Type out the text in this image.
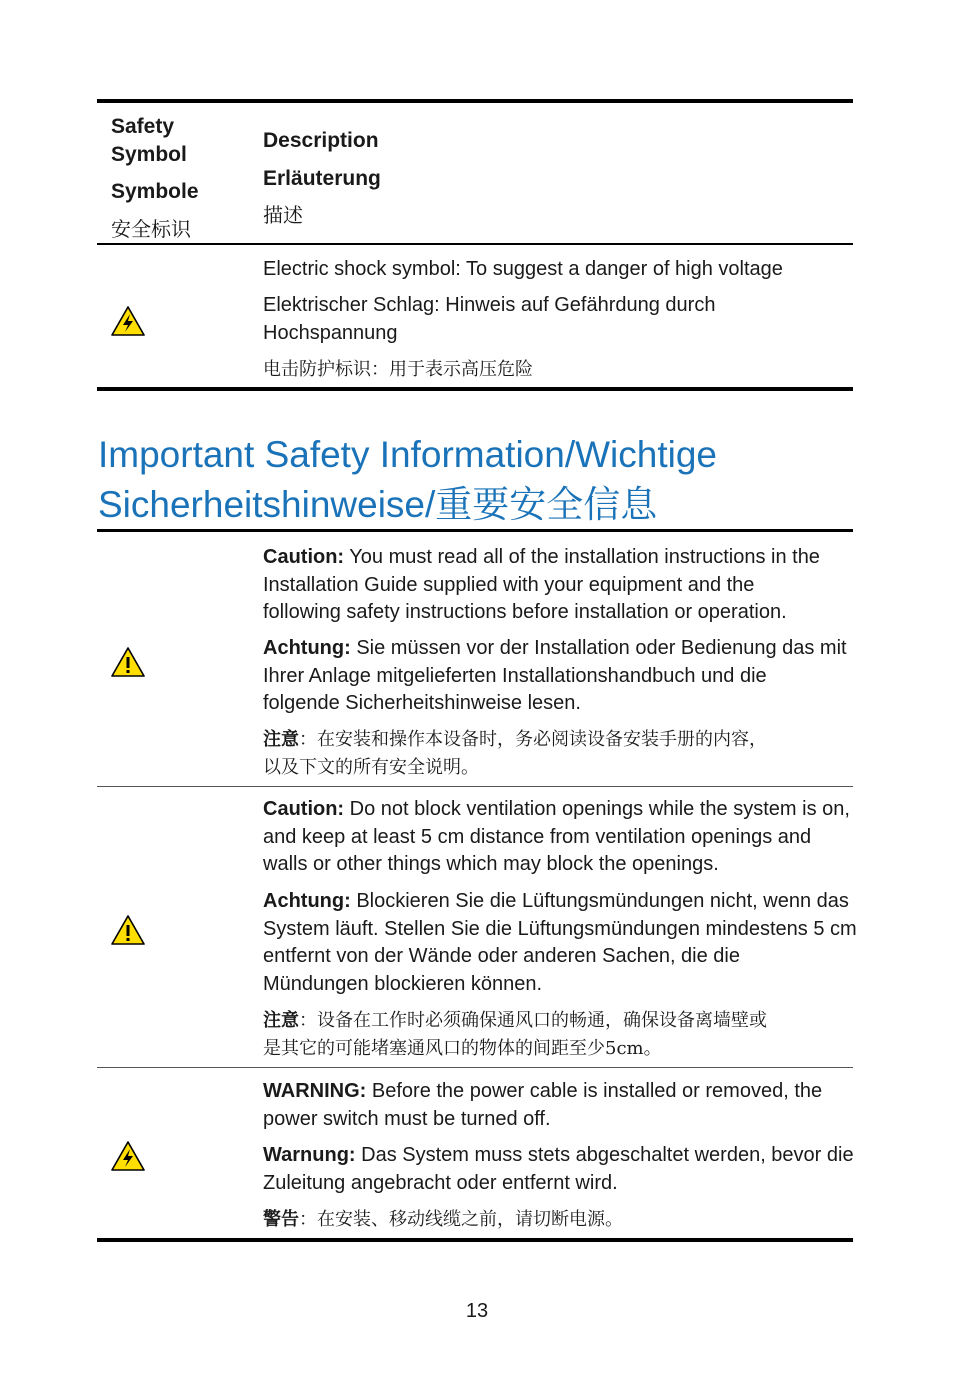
Safety
Symbol
Symbole
安全标识
Description
Erläuterung
描述
Electric shock symbol: To suggest a danger of high voltage
Elektrischer Schlag: Hinweis auf Gefährdung durch
Hochspannung
电击防护标识：用于表示高压危险
Important Safety Information/Wichtige
Sicherheitshinweise/重要安全信息
Caution: You must read all of the installation instructions in the
Installation Guide supplied with your equipment and the
following safety instructions before installation or operation.
Achtung: Sie müssen vor der Installation oder Bedienung das mit
Ihrer Anlage mitgelieferten Installationshandbuch und die
folgende Sicherheitshinweise lesen.
注意：在安装和操作本设备时，务必阅读设备安装手册的内容，
以及下文的所有安全说明。
Caution: Do not block ventilation openings while the system is on,
and keep at least 5 cm distance from ventilation openings and
walls or other things which may block the openings.
Achtung: Blockieren Sie die Lüftungsmündungen nicht, wenn das
System läuft. Stellen Sie die Lüftungsmündungen mindestens 5 cm
entfernt von der Wände oder anderen Sachen, die die
Mündungen blockieren können.
注意：设备在工作时必须确保通风口的畅通，确保设备离墙壁或
是其它的可能堵塞通风口的物体的间距至少5cm。
WARNING: Before the power cable is installed or removed, the
power switch must be turned off.
Warnung: Das System muss stets abgeschaltet werden, bevor die
Zuleitung angebracht oder entfernt wird.
警告：在安装、移动线缆之前，请切断电源。
13
